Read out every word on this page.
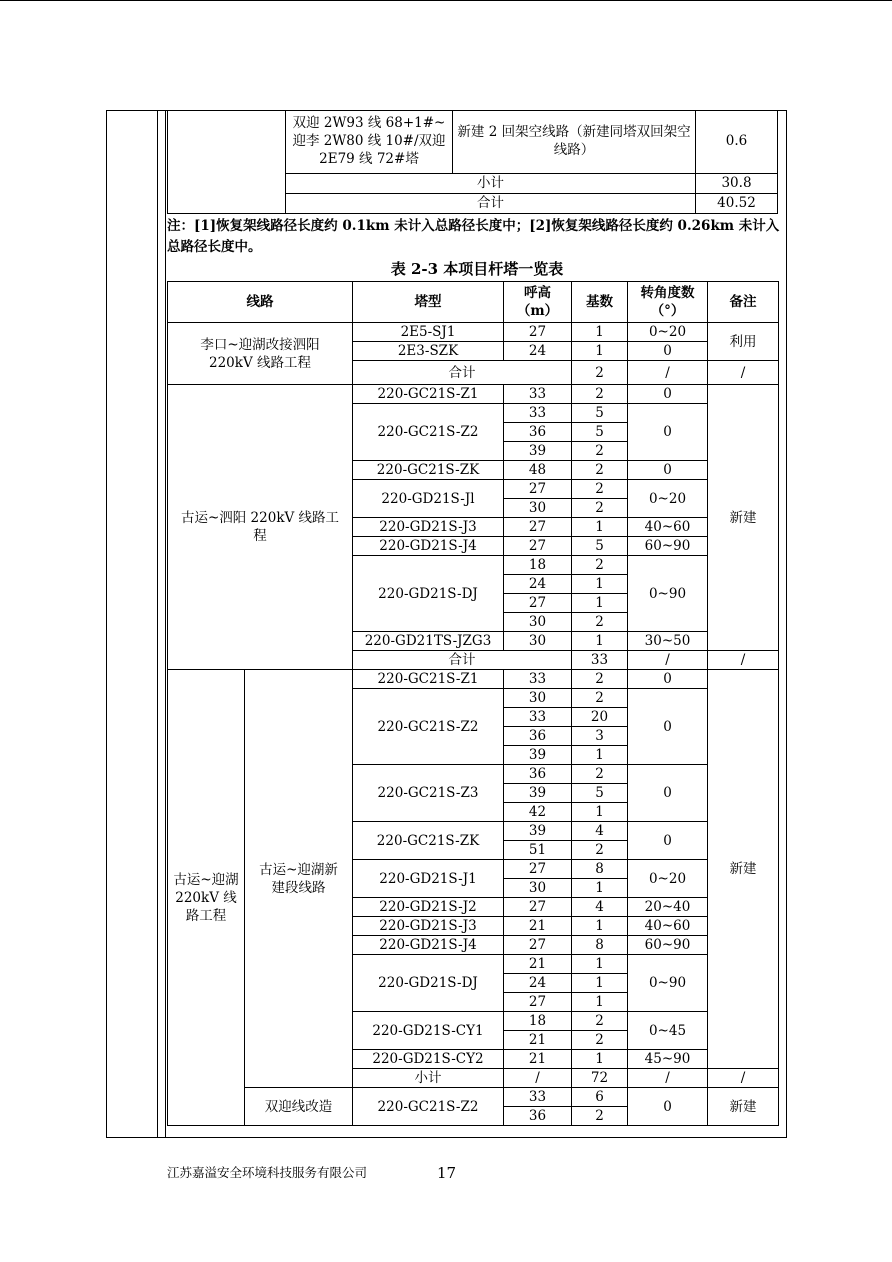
	双迎 2W93 线 68+1#~迎李 2W80 线 10#/双迎 2E79 线 72#塔	新建 2 回架空线路（新建同塔双回架空线路）	0.6
	小计		30.8
	合计		40.52
注：[1]恢复架线路径长度约 0.1km 未计入总路径长度中；[2]恢复架线路径长度约 0.26km 未计入总路径长度中。
表 2-3 本项目杆塔一览表
线路		塔型	呼高（m）	基数	转角度数（°）	备注
李口~迎湖改接泗阳220kV 线路工程		2E5-SJ1	27	1	0~20	利用
		2E3-SZK	24	1	0	
		合计		2	/	/
古运~泗阳 220kV 线路工程		220-GC21S-Z1	33	2	0	新建
		220-GC21S-Z2	33	5	0	
			36	5		
			39	2		
		220-GC21S-ZK	48	2	0	
		220-GD21S-Jl	27	2	0~20	
			30	2		
		220-GD21S-J3	27	1	40~60	
		220-GD21S-J4	27	5	60~90	
		220-GD21S-DJ	18	2	0~90	
			24	1		
			27	1		
			30	2		
		220-GD21TS-JZG3	30	1	30~50	
		合计		33	/	/
古运~迎湖220kV 线路工程	古运~迎湖新建段线路	220-GC21S-Z1	33	2	0	新建
		220-GC21S-Z2	30	2	0	
			33	20		
			36	3		
			39	1		
		220-GC21S-Z3	36	2	0	
			39	5		
			42	1		
		220-GC21S-ZK	39	4	0	
			51	2		
		220-GD21S-J1	27	8	0~20	
			30	1		
		220-GD21S-J2	27	4	20~40	
		220-GD21S-J3	21	1	40~60	
		220-GD21S-J4	27	8	60~90	
		220-GD21S-DJ	21	1	0~90	
			24	1		
			27	1		
		220-GD21S-CY1	18	2	0~45	
			21	2		
		220-GD21S-CY2	21	1	45~90	
		小计	/	72	/	/
	双迎线改造	220-GC21S-Z2	33	6	0	新建
			36	2		
江苏嘉溢安全环境科技服务有限公司	17
